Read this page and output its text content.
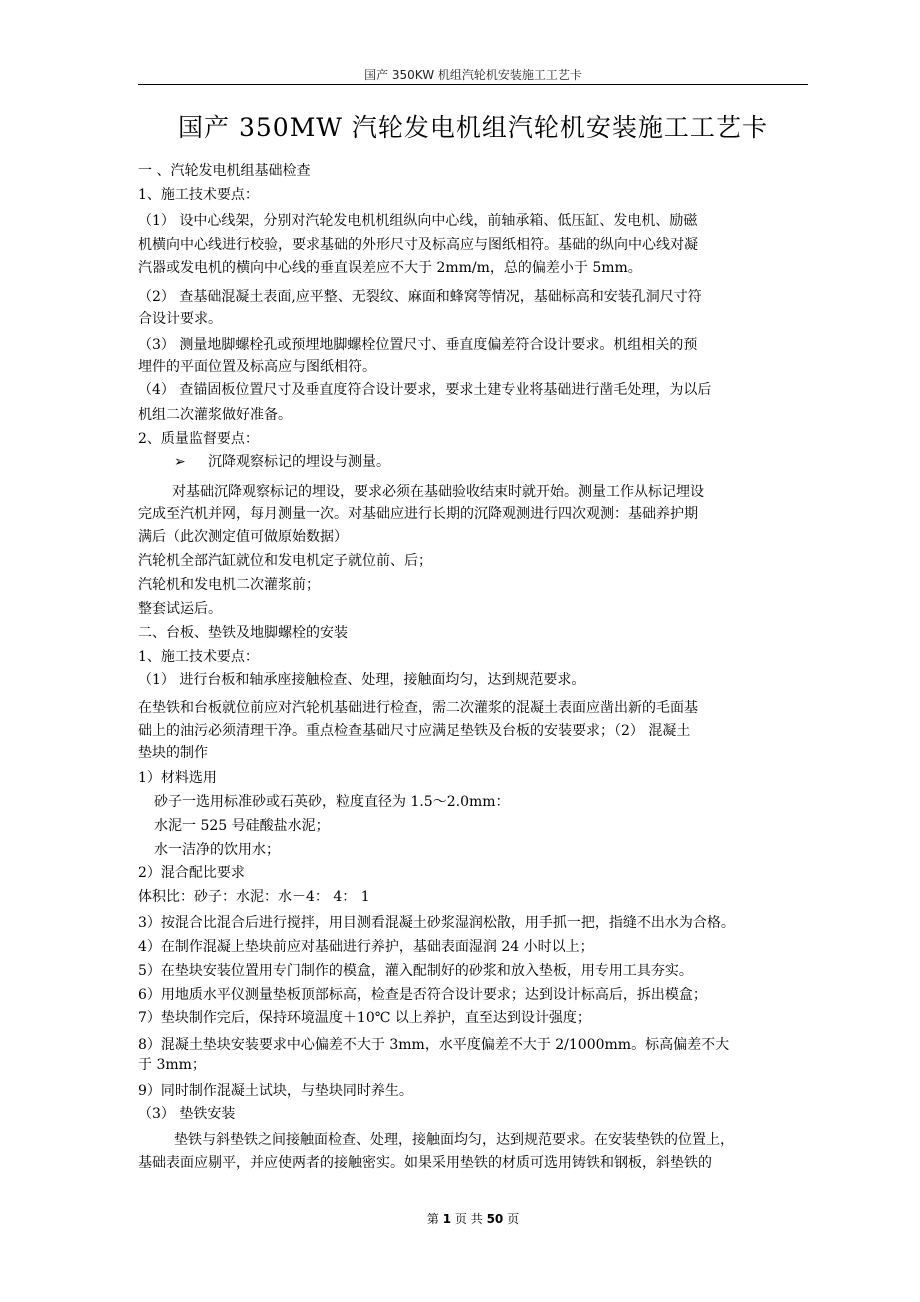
国产 350KW 机组汽轮机安装施工工艺卡
国产 350MW 汽轮发电机组汽轮机安装施工工艺卡
一 、汽轮发电机组基础检查
1、施工技术要点：
（1） 设中心线架，分别对汽轮发电机机组纵向中心线，前轴承箱、低压缸、发电机、励磁
机横向中心线进行校验，要求基础的外形尺寸及标高应与图纸相符。基础的纵向中心线对凝
汽器或发电机的横向中心线的垂直误差应不大于 2mm/m，总的偏差小于 5mm。
（2） 查基础混凝土表面,应平整、无裂纹、麻面和蜂窝等情况，基础标高和安装孔洞尺寸符
合设计要求。
（3） 测量地脚螺栓孔或预埋地脚螺栓位置尺寸、垂直度偏差符合设计要求。机组相关的预
埋件的平面位置及标高应与图纸相符。
（4） 查锚固板位置尺寸及垂直度符合设计要求，要求土建专业将基础进行凿毛处理，为以后
机组二次灌浆做好准备。
2、质量监督要点：
➢ 沉降观察标记的埋设与测量。
对基础沉降观察标记的埋设，要求必须在基础验收结束时就开始。测量工作从标记埋设
完成至汽机并网，每月测量一次。对基础应进行长期的沉降观测进行四次观测：基础养护期
满后（此次测定值可做原始数据）
汽轮机全部汽缸就位和发电机定子就位前、后；
汽轮机和发电机二次灌浆前；
整套试运后。
二、台板、垫铁及地脚螺栓的安装
1、施工技术要点：
（1） 进行台板和轴承座接触检查、处理，接触面均匀，达到规范要求。
在垫铁和台板就位前应对汽轮机基础进行检查，需二次灌浆的混凝土表面应凿出新的毛面基
础上的油污必须清理干净。重点检查基础尺寸应满足垫铁及台板的安装要求；（2） 混凝土
垫块的制作
1）材料选用
砂子一选用标准砂或石英砂，粒度直径为 1.5～2.0mm：
水泥一 525 号硅酸盐水泥；
水一洁净的饮用水；
2）混合配比要求
体积比：砂子：水泥：水－4： 4： 1
3）按混合比混合后进行搅拌，用目测看混凝土砂浆湿润松散，用手抓一把，指缝不出水为合格。
4）在制作混凝上垫块前应对基础进行养护，基础表面湿润 24 小时以上；
5）在垫块安装位置用专门制作的模盒，灌入配制好的砂浆和放入垫板，用专用工具夯实。
6）用地质水平仪测量垫板顶部标高，检查是否符合设计要求；达到设计标高后，拆出模盒；
7）垫块制作完后，保持环境温度＋10℃ 以上养护，直至达到设计强度；
8）混凝土垫块安装要求中心偏差不大于 3mm，水平度偏差不大于 2/1000mm。标高偏差不大
于 3mm；
9）同时制作混凝土试块，与垫块同时养生。
（3） 垫铁安装
垫铁与斜垫铁之间接触面检查、处理，接触面均匀，达到规范要求。在安装垫铁的位置上，
基础表面应剔平，并应使两者的接触密实。如果采用垫铁的材质可选用铸铁和钢板，斜垫铁的
第 1 页 共 50 页
